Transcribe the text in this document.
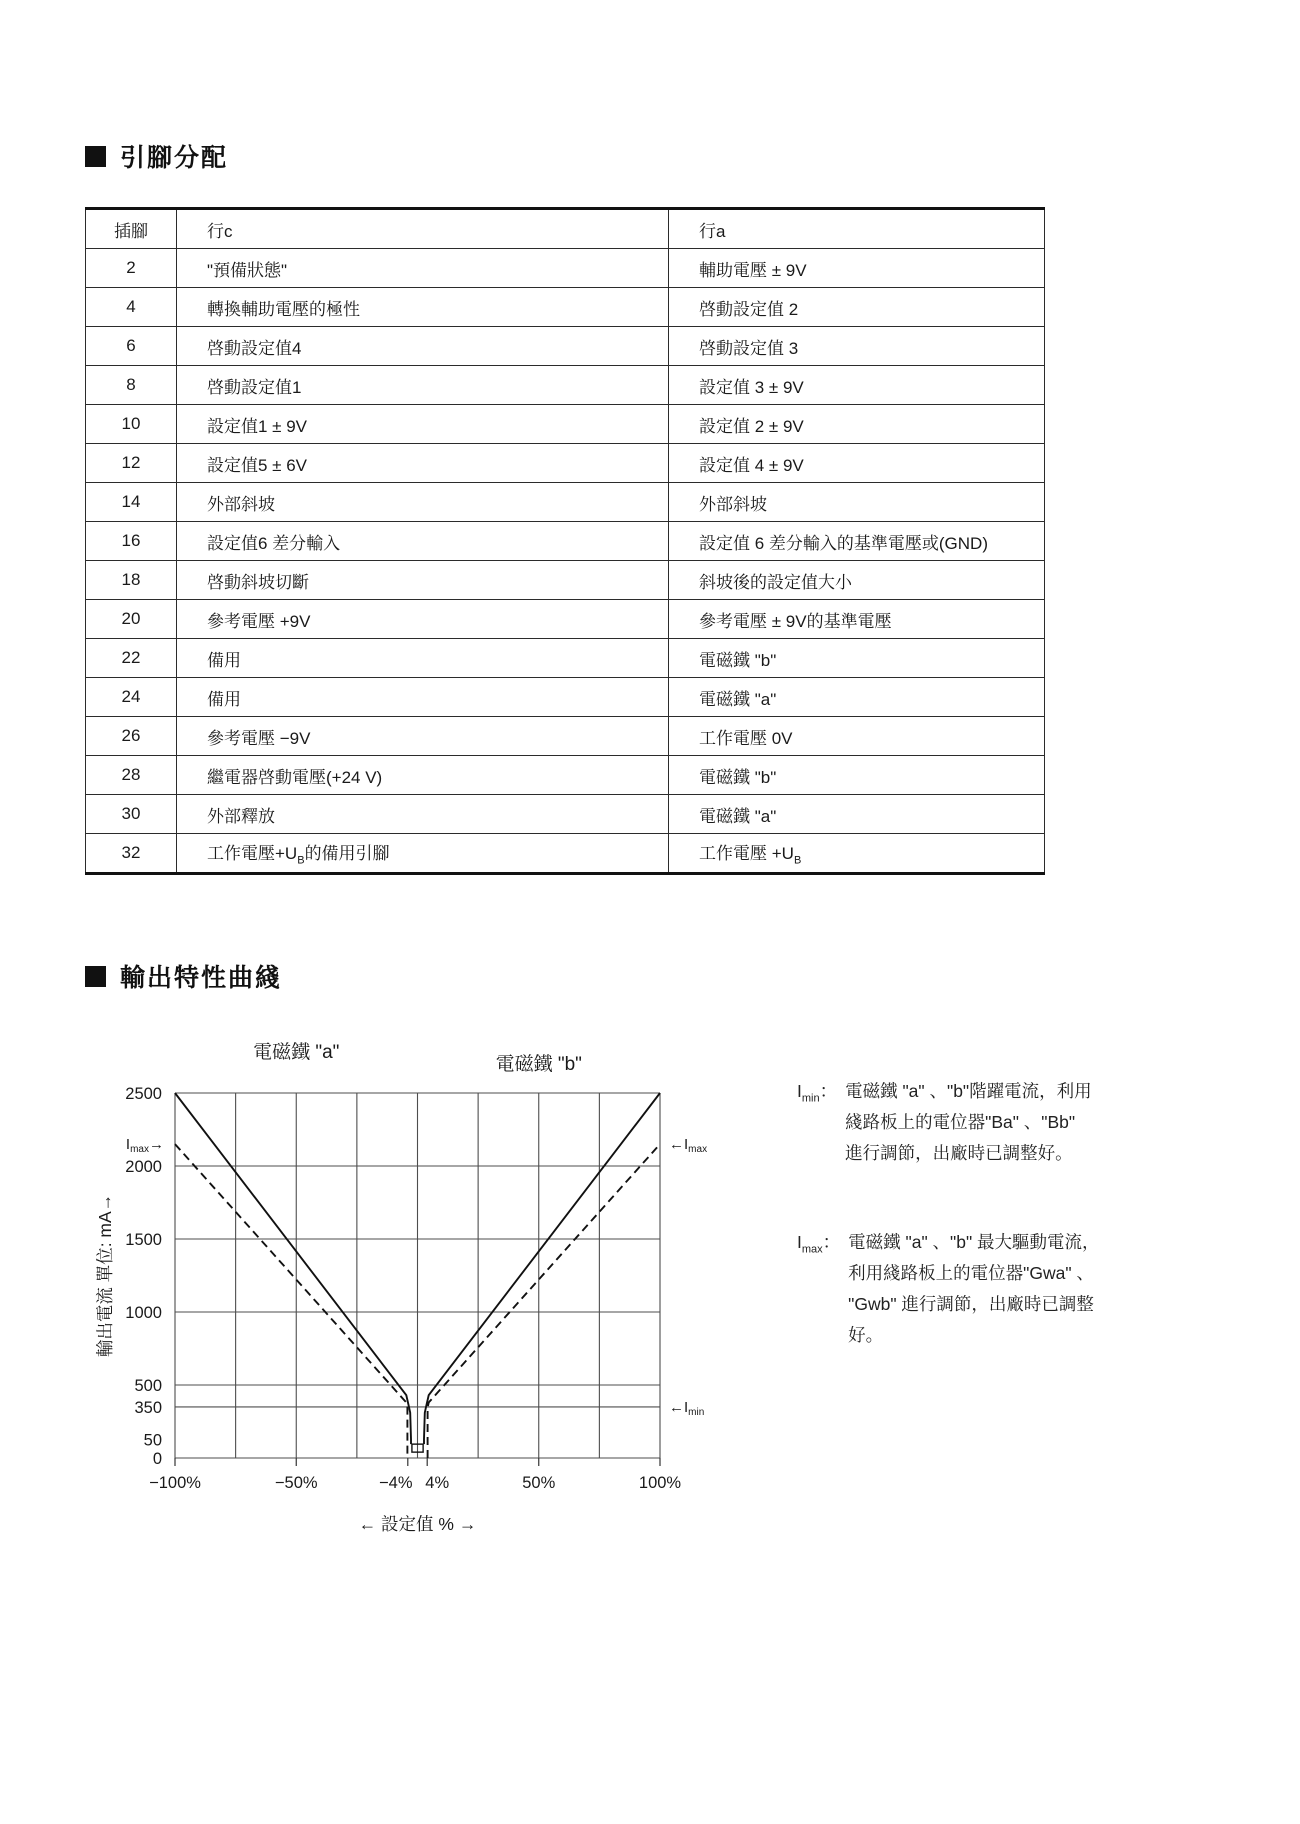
引腳分配
插腳	行c	行a
2	"預備狀態"	輔助電壓 ± 9V
4	轉換輔助電壓的極性	啓動設定值 2
6	啓動設定值4	啓動設定值 3
8	啓動設定值1	設定值 3 ± 9V
10	設定值1 ± 9V	設定值 2 ± 9V
12	設定值5 ± 6V	設定值 4 ± 9V
14	外部斜坡	外部斜坡
16	設定值6 差分輸入	設定值 6 差分輸入的基準電壓或(GND)
18	啓動斜坡切斷	斜坡後的設定值大小
20	參考電壓 +9V	參考電壓 ± 9V的基準電壓
22	備用	電磁鐵 "b"
24	備用	電磁鐵 "a"
26	參考電壓 −9V	工作電壓 0V
28	繼電器啓動電壓(+24 V)	電磁鐵 "b"
30	外部釋放	電磁鐵 "a"
32	工作電壓$+U_B$的備用引腳	工作電壓 $+U_B$
輸出特性曲綫
−100%	−50%	−4% 4%	50%	100%
2500
2000
1500
1000
500
350
50
0
$I_{max}\to$	$\leftarrow I_{max}$
$\leftarrow I_{min}$
電磁鐵 "a"
電磁鐵 "b"
← 設定值 % →
輸出電流 單位: mA→
$I_{min}$： 電磁鐵 "a" 、"b"階躍電流，利用
綫路板上的電位器"Ba" 、"Bb"
進行調節，出廠時已調整好。
$I_{max}$： 電磁鐵 "a" 、"b" 最大驅動電流，
利用綫路板上的電位器"Gwa" 、
"Gwb" 進行調節，出廠時已調整
好。
